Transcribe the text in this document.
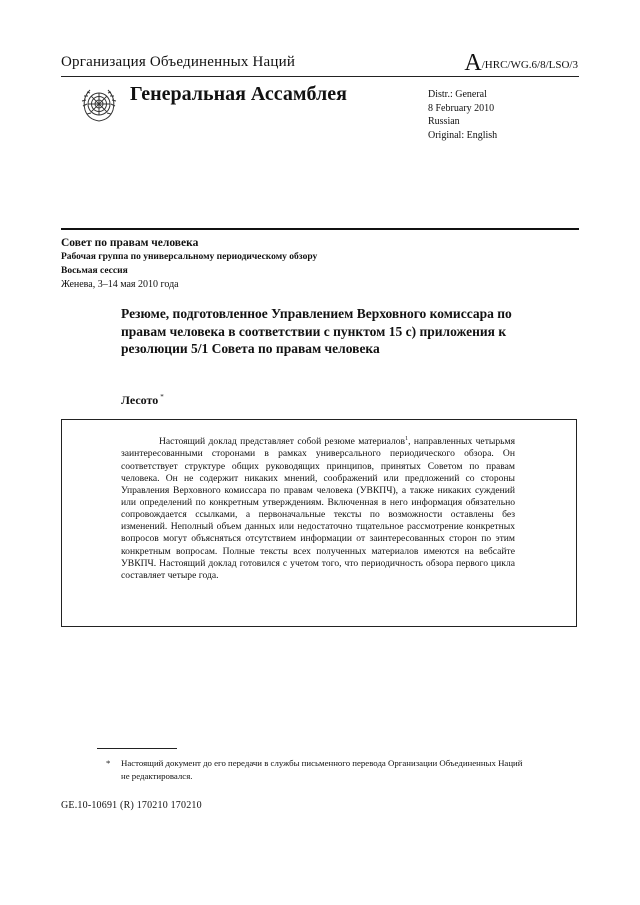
Организация Объединенных Наций	A/HRC/WG.6/8/LSO/3
Генеральная Ассамблея	Distr.: General
8 February 2010
Russian
Original: English
Совет по правам человека
Рабочая группа по универсальному периодическому обзору
Восьмая сессия
Женева, 3–14 мая 2010 года
Резюме, подготовленное Управлением Верховного комиссара по правам человека в соответствии с пунктом 15 с) приложения к резолюции 5/1 Совета по правам человека
Лесото *
Настоящий доклад представляет собой резюме материалов$^1$, направленных четырьмя заинтересованными сторонами в рамках универсального периодического обзора. Он соответствует структуре общих руководящих принципов, принятых Советом по правам человека. Он не содержит никаких мнений, соображений или предложений со стороны Управления Верховного комиссара по правам человека (УВКПЧ), а также никаких суждений или определений по конкретным утверждениям. Включенная в него информация обязательно сопровождается ссылками, а первоначальные тексты по возможности оставлены без изменений. Неполный объем данных или недостаточно тщательное рассмотрение конкретных вопросов могут объясняться отсутствием информации от заинтересованных сторон по этим конкретным вопросам. Полные тексты всех полученных материалов имеются на вебсайте УВКПЧ. Настоящий доклад готовился с учетом того, что периодичность обзора первого цикла составляет четыре года.
*	Настоящий документ до его передачи в службы письменного перевода Организации Объединенных Наций не редактировался.
GE.10-10691 (R) 170210 170210
